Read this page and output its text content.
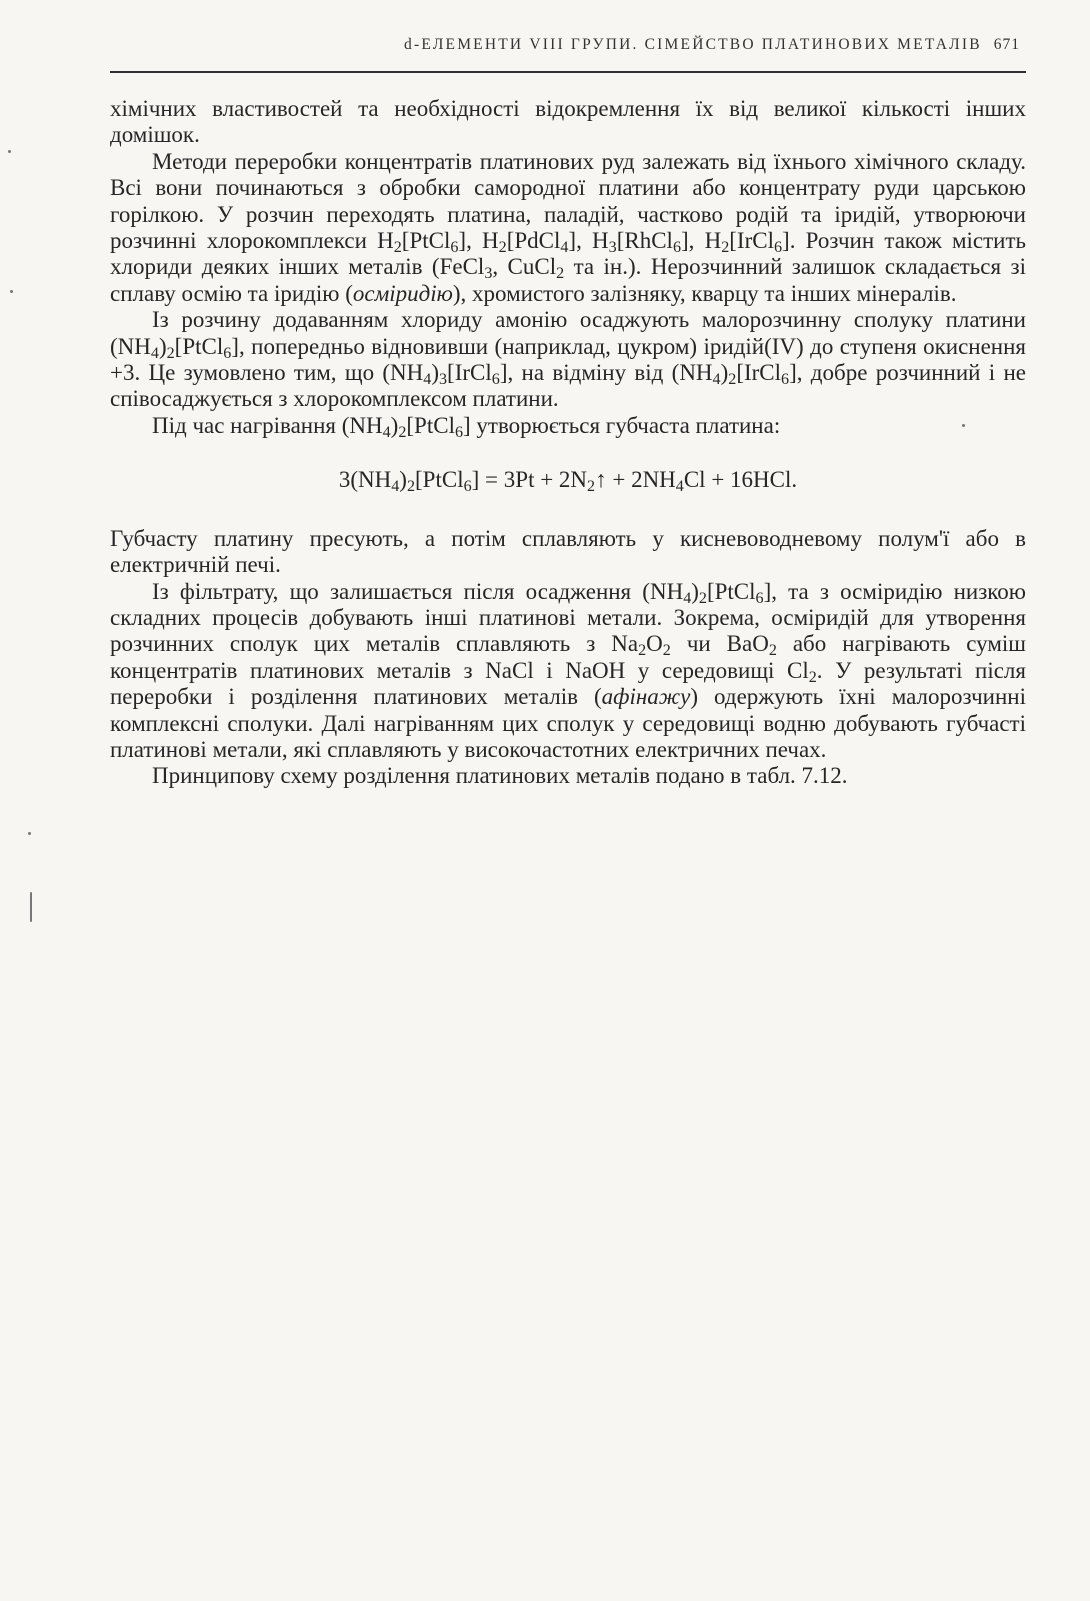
d-ЕЛЕМЕНТИ VIII ГРУПИ. СІМЕЙСТВО ПЛАТИНОВИХ МЕТАЛІВ 671

хімічних властивостей та необхідності відокремлення їх від великої кількості інших домішок.

Методи переробки концентратів платинових руд залежать від їхнього хімічного складу. Всі вони починаються з обробки самородної платини або концентрату руди царською горілкою. У розчин переходять платина, паладій, частково родій та іридій, утворюючи розчинні хлорокомплекси $H_2[PtCl_6]$, $H_2[PdCl_4]$, $H_3[RhCl_6]$, $H_2[IrCl_6]$. Розчин також містить хлориди деяких інших металів (FeCl$_3$, CuCl$_2$ та ін.). Нерозчинний залишок складається зі сплаву осмію та іридію (осміридію), хромистого залізняку, кварцу та інших мінералів.

Із розчину додаванням хлориду амонію осаджують малорозчинну сполуку платини $(NH_4)_2[PtCl_6]$, попередньо відновивши (наприклад, цукром) іридій(IV) до ступеня окиснення +3. Це зумовлено тим, що $(NH_4)_3[IrCl_6]$, на відміну від $(NH_4)_2[IrCl_6]$, добре розчинний і не співосаджується з хлорокомплексом платини.

Під час нагрівання $(NH_4)_2[PtCl_6]$ утворюється губчаста платина:

$3(NH_4)_2[PtCl_6] = 3Pt$ + $2N_2↑ + 2NH_4Cl + 16HCl$.

Губчасту платину пресують, а потім сплавляють у кисневоводневому полум'ї або в електричній печі.

Із фільтрату, що залишається після осадження $(NH_4)_2[PtCl_6]$, та з осміридію низкою складних процесів добувають інші платинові метали. Зокрема, осміридій для утворення розчинних сполук цих металів сплавляють з $Na_2O_2$ чи BaO$_2$ або нагрівають суміш концентратів платинових металів з NaCl і NaOH у середовищі $Cl_2$. У результаті після переробки і розділення платинових металів (афінажу) одержують їхні малорозчинні комплексні сполуки. Далі нагріванням цих сполук у середовищі водню добувають губчасті платинові метали, які сплавляють у високочастотних електричних печах.

Принципову схему розділення платинових металів подано в табл. 7.12.
